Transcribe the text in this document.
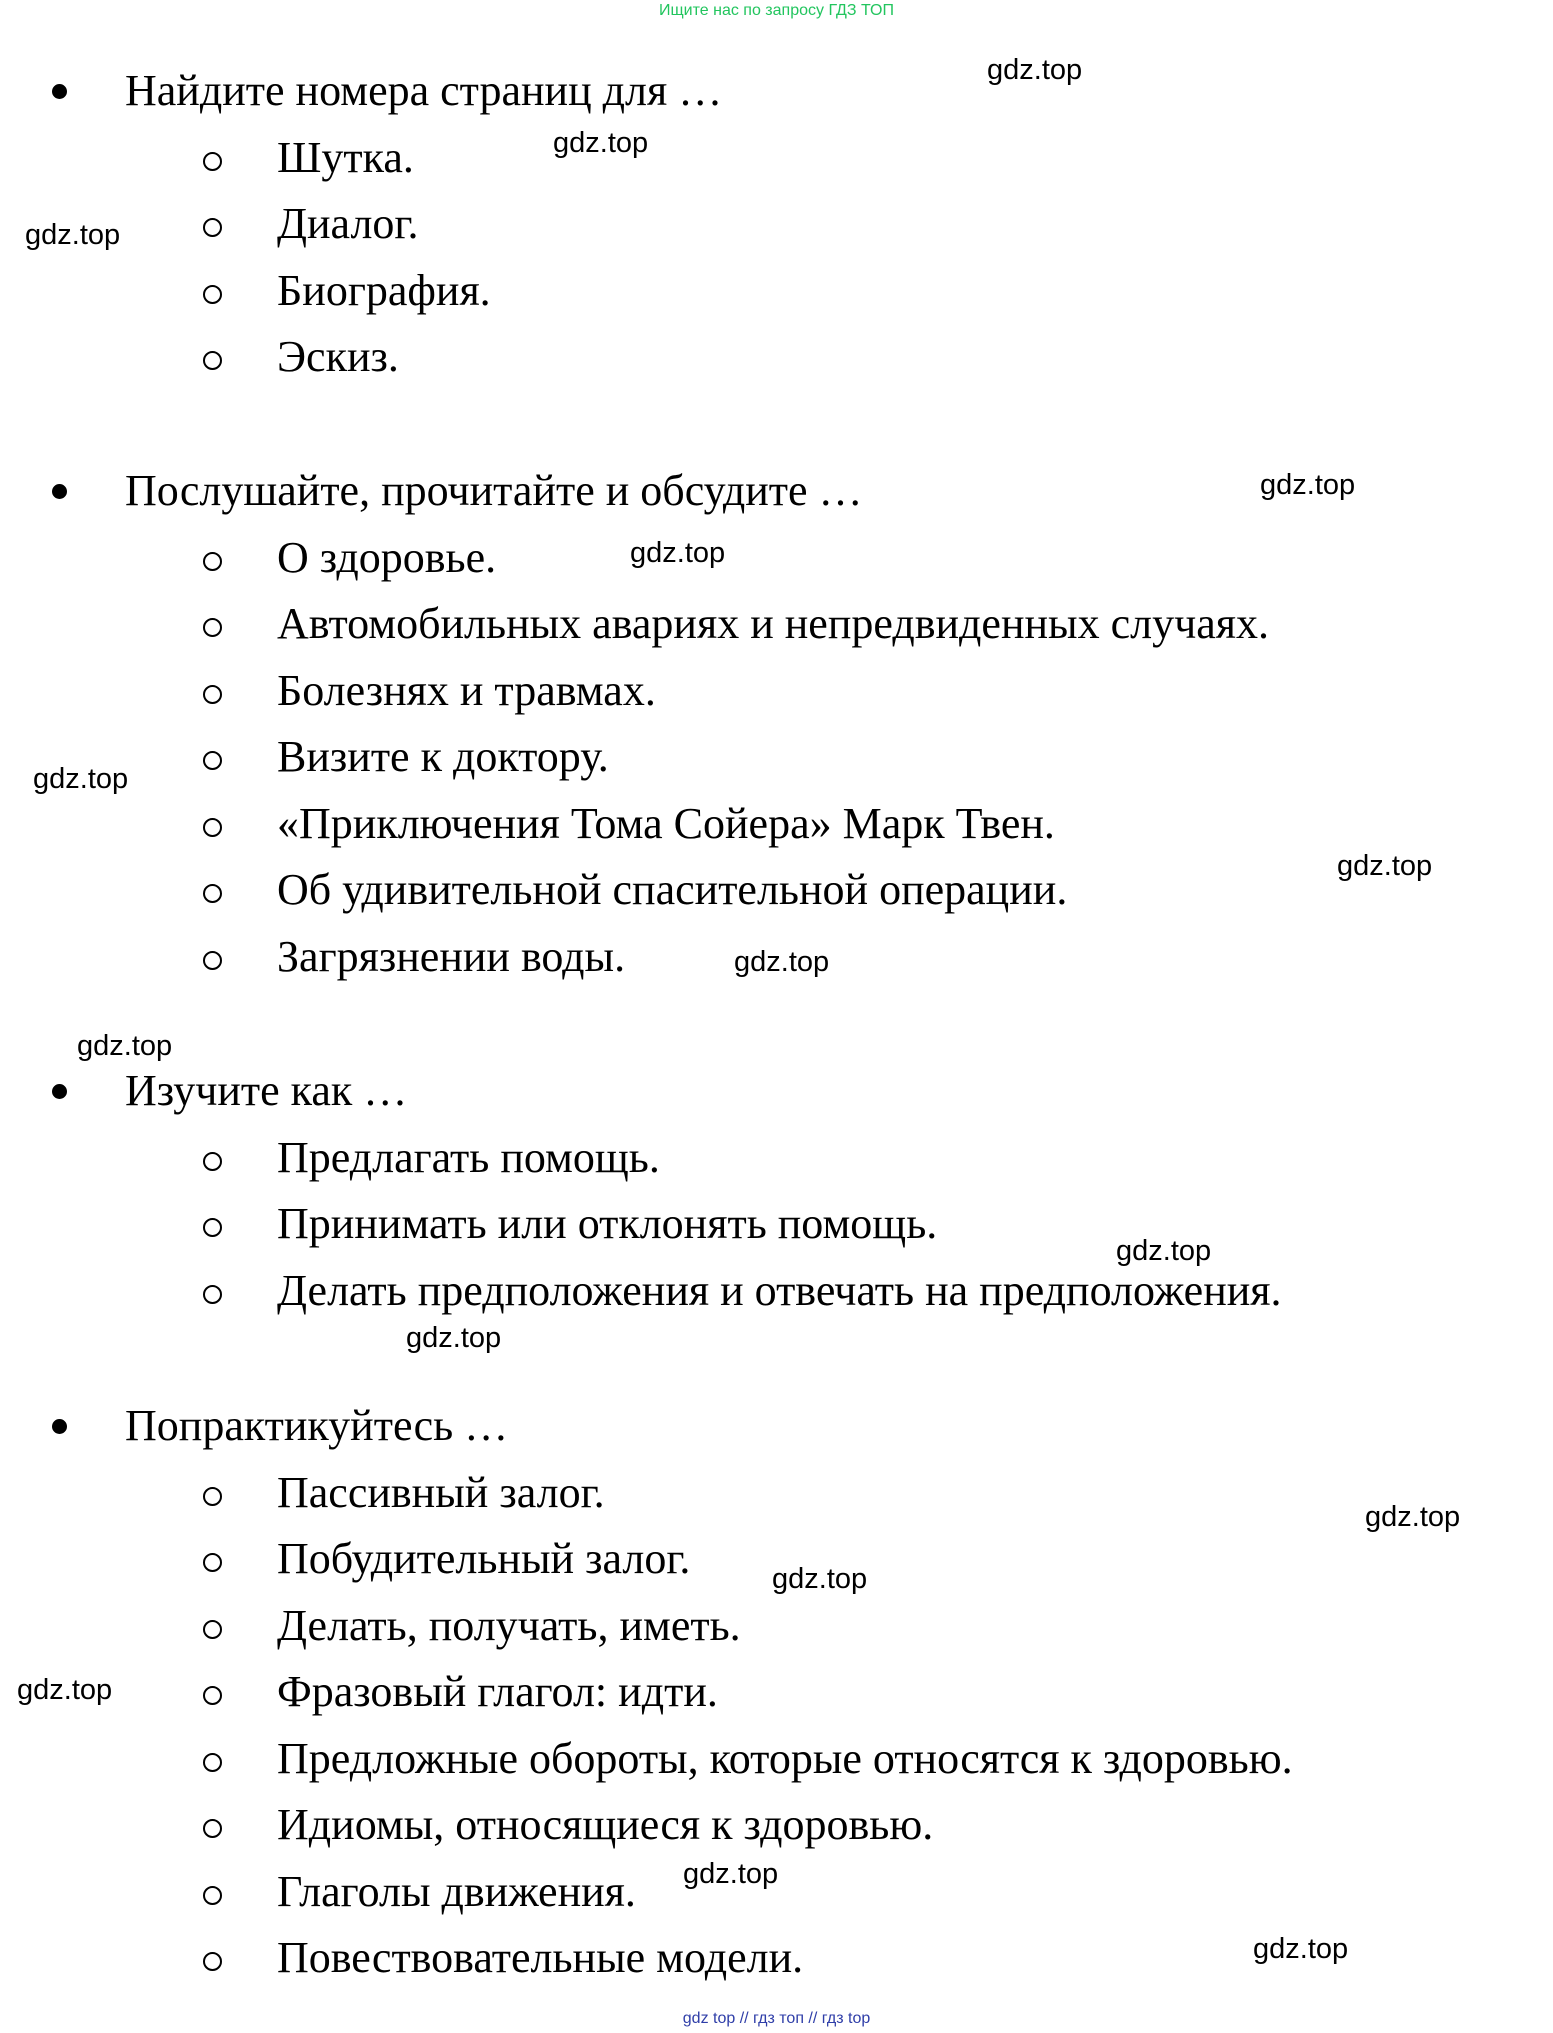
Ищите нас по запросу ГДЗ ТОП
Найдите номера страниц для …
Шутка.
Диалог.
Биография.
Эскиз.
Послушайте, прочитайте и обсудите …
О здоровье.
Автомобильных авариях и непредвиденных случаях.
Болезнях и травмах.
Визите к доктору.
«Приключения Тома Сойера» Марк Твен.
Об удивительной спасительной операции.
Загрязнении воды.
Изучите как …
Предлагать помощь.
Принимать или отклонять помощь.
Делать предположения и отвечать на предположения.
Попрактикуйтесь …
Пассивный залог.
Побудительный залог.
Делать, получать, иметь.
Фразовый глагол: идти.
Предложные обороты, которые относятся к здоровью.
Идиомы, относящиеся к здоровью.
Глаголы движения.
Повествовательные модели.
gdz.top
gdz.top
gdz.top
gdz.top
gdz.top
gdz.top
gdz.top
gdz.top
gdz.top
gdz.top
gdz.top
gdz.top
gdz.top
gdz.top
gdz.top
gdz.top
gdz top // гдз топ // гдз top
